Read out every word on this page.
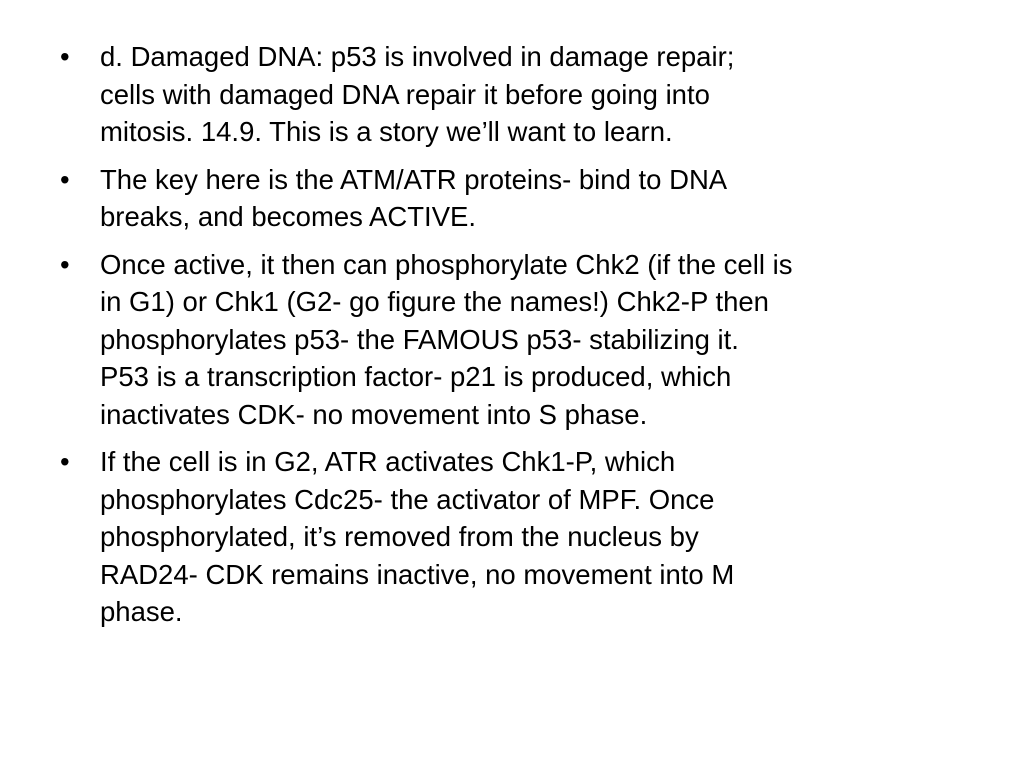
•	d. Damaged DNA: p53 is involved in damage repair;
cells with damaged DNA repair it before going into
mitosis. 14.9. This is a story we’ll want to learn.
•	The key here is the ATM/ATR proteins- bind to DNA
breaks, and becomes ACTIVE.
•	Once active, it then can phosphorylate Chk2 (if the cell is
in G1) or Chk1 (G2- go figure the names!) Chk2-P then
phosphorylates p53- the FAMOUS p53- stabilizing it.
P53 is a transcription factor- p21 is produced, which
inactivates CDK- no movement into S phase.
•	If the cell is in G2, ATR activates Chk1-P, which
phosphorylates Cdc25- the activator of MPF. Once
phosphorylated, it’s removed from the nucleus by
RAD24- CDK remains inactive, no movement into M
phase.
